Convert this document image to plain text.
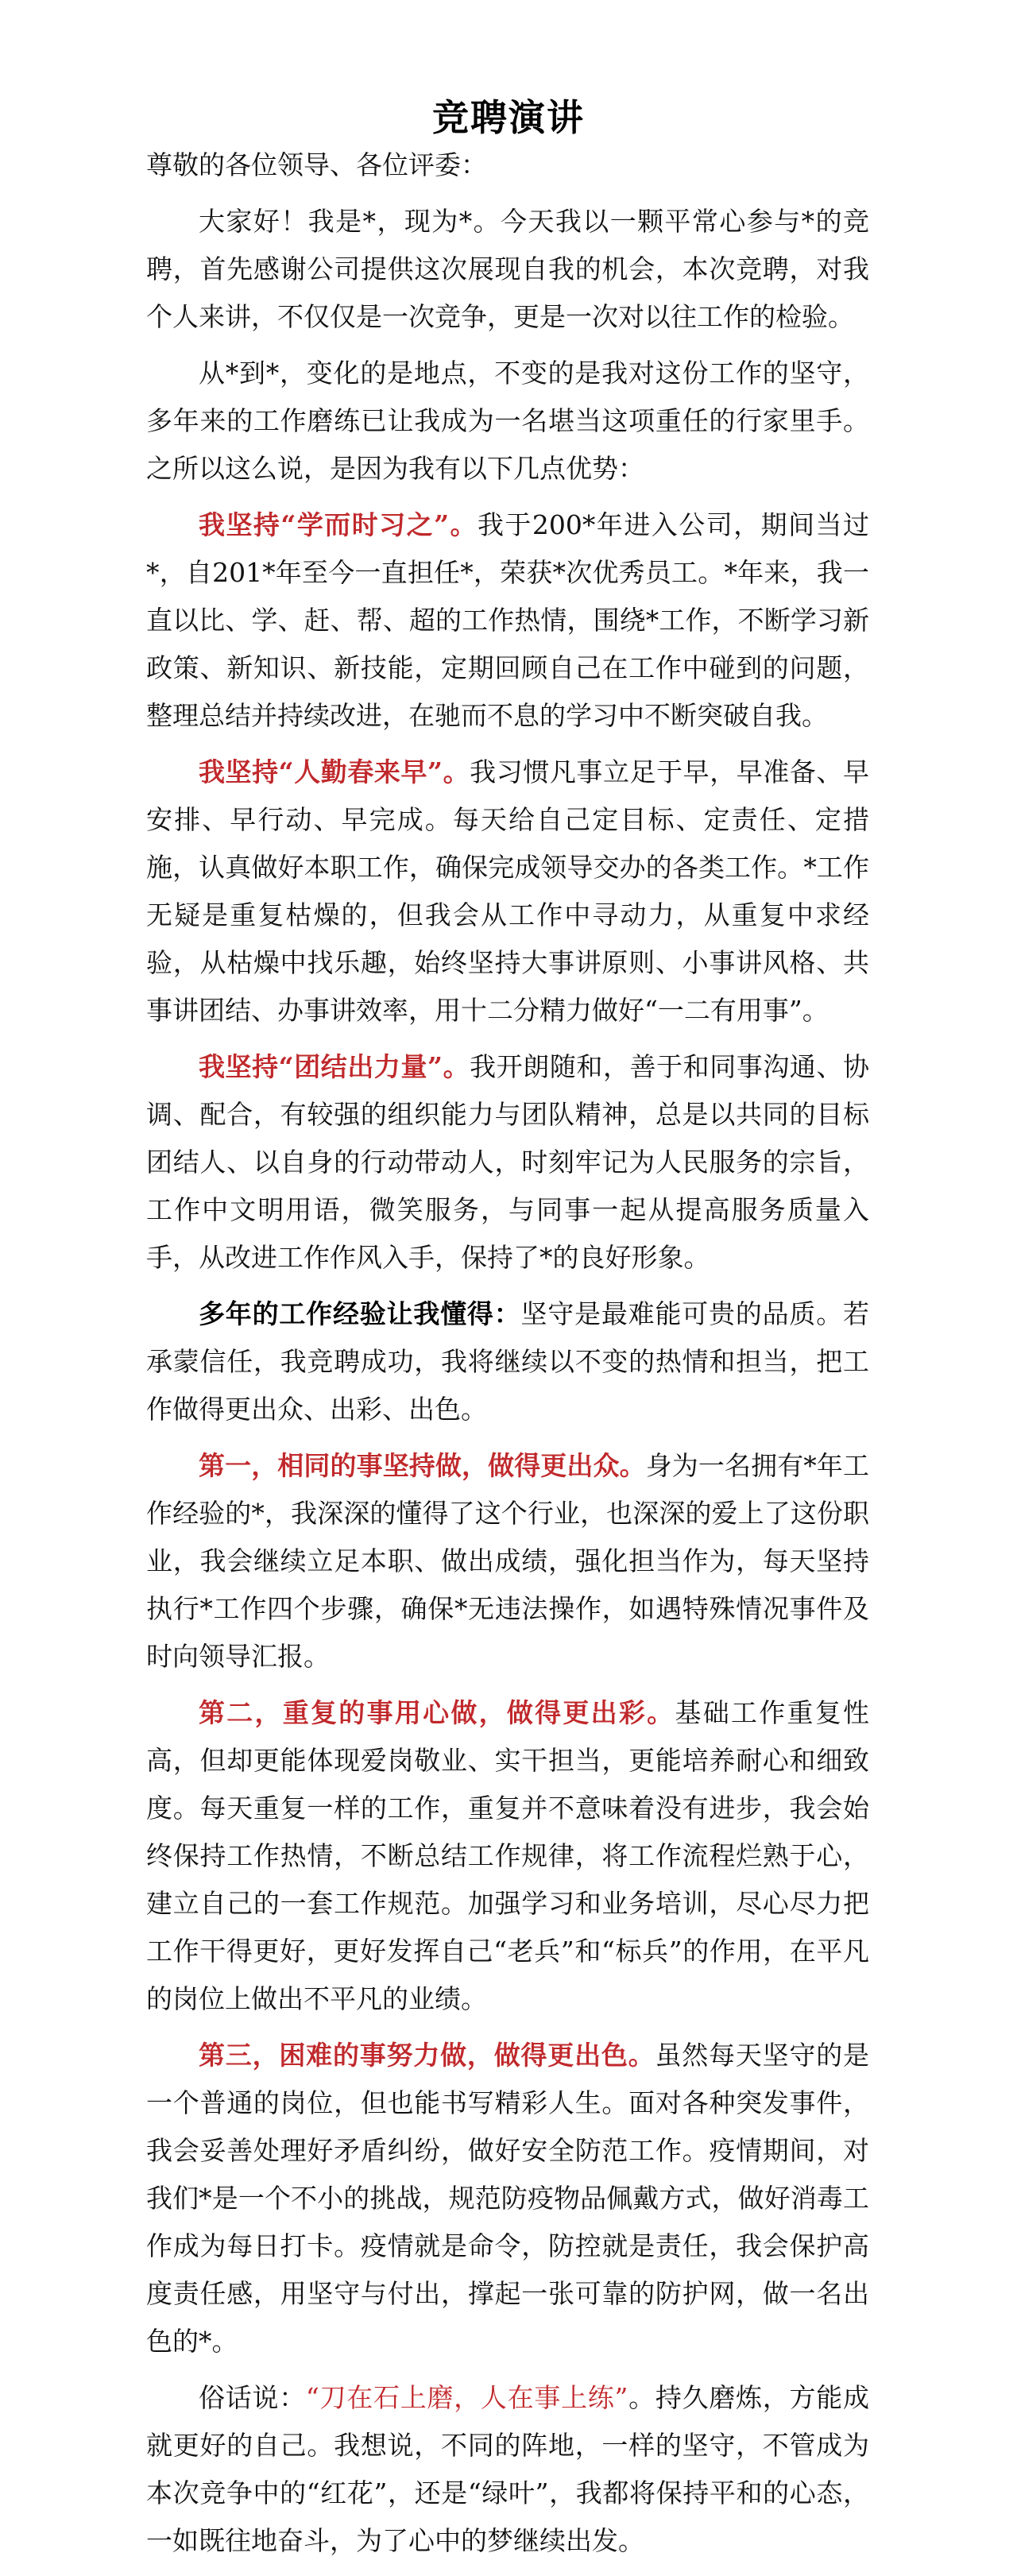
竞聘演讲

尊敬的各位领导、各位评委：

大家好！我是*，现为*。今天我以一颗平常心参与*的竞聘，首先感谢公司提供这次展现自我的机会，本次竞聘，对我个人来讲，不仅仅是一次竞争，更是一次对以往工作的检验。

从*到*，变化的是地点，不变的是我对这份工作的坚守，多年来的工作磨练已让我成为一名堪当这项重任的行家里手。之所以这么说，是因为我有以下几点优势：

我坚持“学而时习之”。我于200*年进入公司，期间当过*，自201*年至今一直担任*，荣获*次优秀员工。*年来，我一直以比、学、赶、帮、超的工作热情，围绕*工作，不断学习新政策、新知识、新技能，定期回顾自己在工作中碰到的问题，整理总结并持续改进，在驰而不息的学习中不断突破自我。

我坚持“人勤春来早”。我习惯凡事立足于早，早准备、早安排、早行动、早完成。每天给自己定目标、定责任、定措施，认真做好本职工作，确保完成领导交办的各类工作。*工作无疑是重复枯燥的，但我会从工作中寻动力，从重复中求经验，从枯燥中找乐趣，始终坚持大事讲原则、小事讲风格、共事讲团结、办事讲效率，用十二分精力做好“一二有用事”。

我坚持“团结出力量”。我开朗随和，善于和同事沟通、协调、配合，有较强的组织能力与团队精神，总是以共同的目标团结人、以自身的行动带动人，时刻牢记为人民服务的宗旨，工作中文明用语，微笑服务，与同事一起从提高服务质量入手，从改进工作作风入手，保持了*的良好形象。

多年的工作经验让我懂得：坚守是最难能可贵的品质。若承蒙信任，我竞聘成功，我将继续以不变的热情和担当，把工作做得更出众、出彩、出色。

第一，相同的事坚持做，做得更出众。身为一名拥有*年工作经验的*，我深深的懂得了这个行业，也深深的爱上了这份职业，我会继续立足本职、做出成绩，强化担当作为，每天坚持执行*工作四个步骤，确保*无违法操作，如遇特殊情况事件及时向领导汇报。

第二，重复的事用心做，做得更出彩。基础工作重复性高，但却更能体现爱岗敬业、实干担当，更能培养耐心和细致度。每天重复一样的工作，重复并不意味着没有进步，我会始终保持工作热情，不断总结工作规律，将工作流程烂熟于心，建立自己的一套工作规范。加强学习和业务培训，尽心尽力把工作干得更好，更好发挥自己“老兵”和“标兵”的作用，在平凡的岗位上做出不平凡的业绩。

第三，困难的事努力做，做得更出色。虽然每天坚守的是一个普通的岗位，但也能书写精彩人生。面对各种突发事件，我会妥善处理好矛盾纠纷，做好安全防范工作。疫情期间，对我们*是一个不小的挑战，规范防疫物品佩戴方式，做好消毒工作成为每日打卡。疫情就是命令，防控就是责任，我会保护高度责任感，用坚守与付出，撑起一张可靠的防护网，做一名出色的*。

俗话说：“刀在石上磨，人在事上练”。持久磨炼，方能成就更好的自己。我想说，不同的阵地，一样的坚守，不管成为本次竞争中的“红花”，还是“绿叶”，我都将保持平和的心态，一如既往地奋斗，为了心中的梦继续出发。
